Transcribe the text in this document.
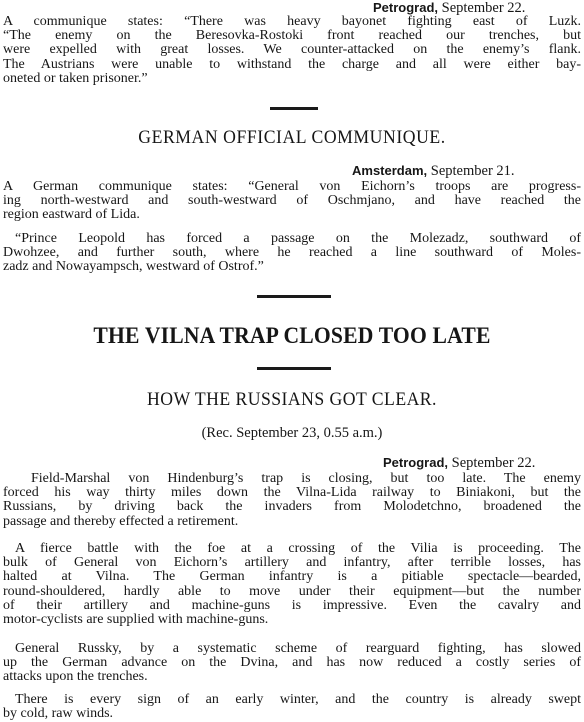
Petrograd, September 22.
A communique states: “There was heavy bayonet fighting east of Luzk.
“The enemy on the Beresovka-Rostoki front reached our trenches, but
were expelled with great losses. We counter-attacked on the enemy’s flank.
The Austrians were unable to withstand the charge and all were either bay-
oneted or taken prisoner.”
GERMAN OFFICIAL COMMUNIQUE.
Amsterdam, September 21.
A German communique states: “General von Eichorn’s troops are progress-
ing north-westward and south-westward of Oschmjano, and have reached the
region eastward of Lida.
“Prince Leopold has forced a passage on the Molezadz, southward of
Dwohzee, and further south, where he reached a line southward of Moles-
zadz and Nowayampsch, westward of Ostrof.”
THE VILNA TRAP CLOSED TOO LATE
HOW THE RUSSIANS GOT CLEAR.
(Rec. September 23, 0.55 a.m.)
Petrograd, September 22.
Field-Marshal von Hindenburg’s trap is closing, but too late. The enemy
forced his way thirty miles down the Vilna-Lida railway to Biniakoni, but the
Russians, by driving back the invaders from Molodetchno, broadened the
passage and thereby effected a retirement.
A fierce battle with the foe at a crossing of the Vilia is proceeding. The
bulk of General von Eichorn’s artillery and infantry, after terrible losses, has
halted at Vilna. The German infantry is a pitiable spectacle—bearded,
round-shouldered, hardly able to move under their equipment—but the number
of their artillery and machine-guns is impressive. Even the cavalry and
motor-cyclists are supplied with machine-guns.
General Russky, by a systematic scheme of rearguard fighting, has slowed
up the German advance on the Dvina, and has now reduced a costly series of
attacks upon the trenches.
There is every sign of an early winter, and the country is already swept
by cold, raw winds.
